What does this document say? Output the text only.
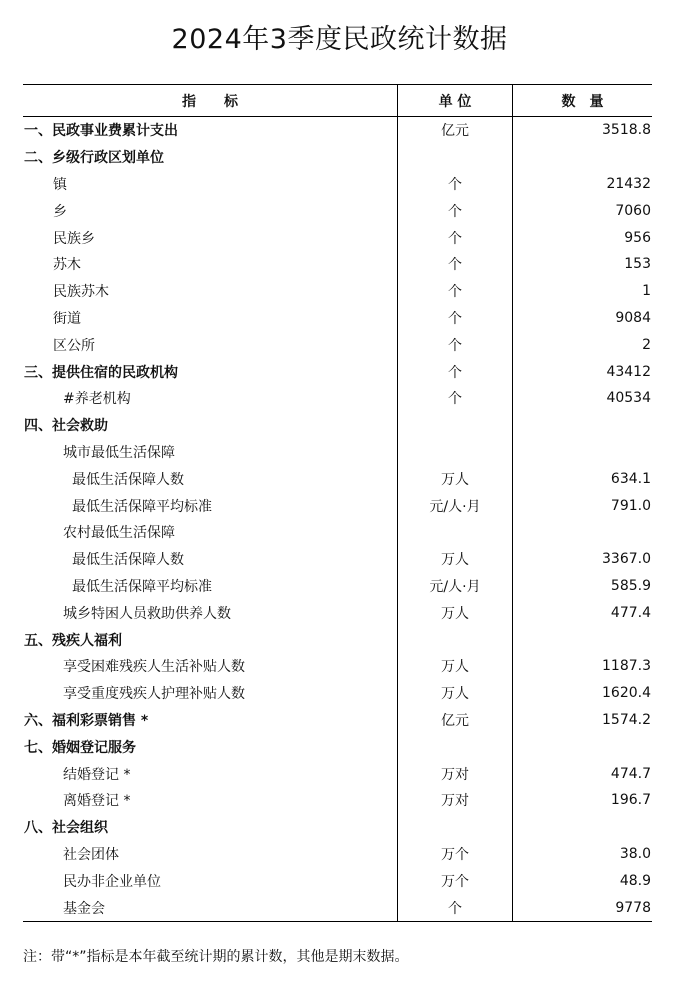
2024年3季度民政统计数据
指　　标	单 位	数　量
一、民政事业费累计支出	亿元	3518.8
二、乡级行政区划单位
镇	个	21432
乡	个	7060
民族乡	个	956
苏木	个	153
民族苏木	个	1
街道	个	9084
区公所	个	2
三、提供住宿的民政机构	个	43412
#养老机构	个	40534
四、社会救助
城市最低生活保障
最低生活保障人数	万人	634.1
最低生活保障平均标准	元/人·月	791.0
农村最低生活保障
最低生活保障人数	万人	3367.0
最低生活保障平均标准	元/人·月	585.9
城乡特困人员救助供养人数	万人	477.4
五、残疾人福利
享受困难残疾人生活补贴人数	万人	1187.3
享受重度残疾人护理补贴人数	万人	1620.4
六、福利彩票销售 *	亿元	1574.2
七、婚姻登记服务
结婚登记 *	万对	474.7
离婚登记 *	万对	196.7
八、社会组织
社会团体	万个	38.0
民办非企业单位	万个	48.9
基金会	个	9778
注：带“*”指标是本年截至统计期的累计数，其他是期末数据。
